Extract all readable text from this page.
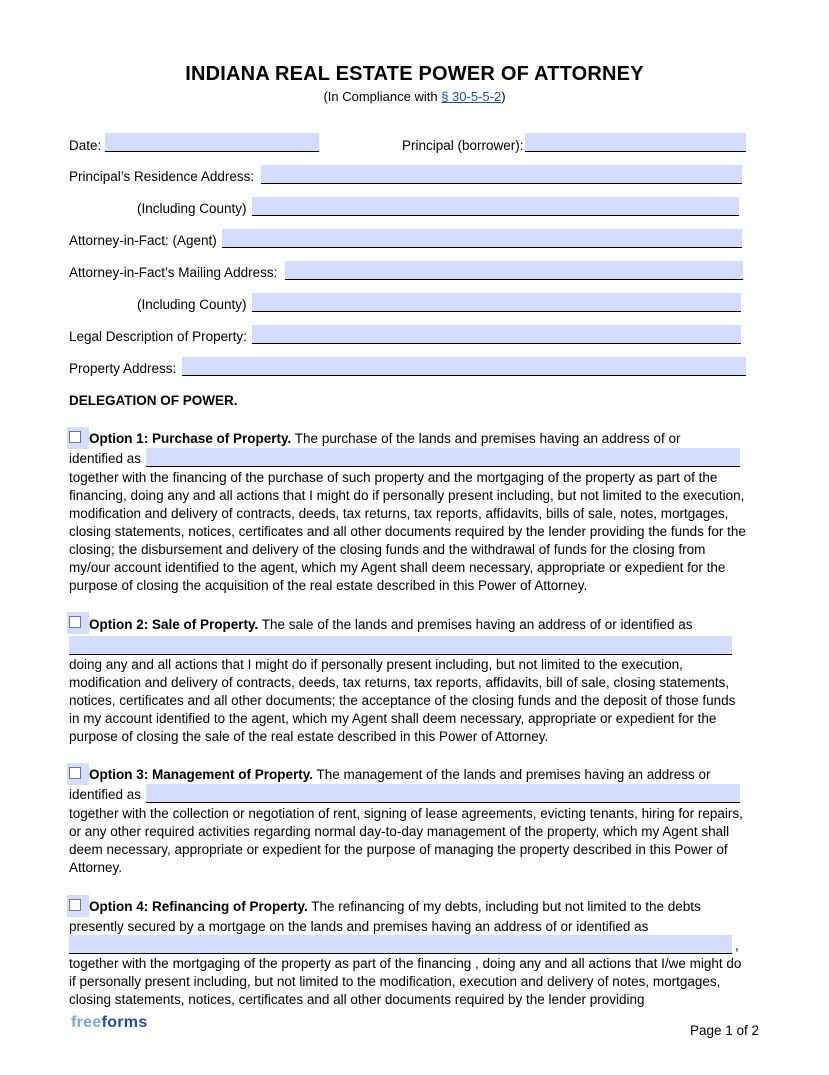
INDIANA REAL ESTATE POWER OF ATTORNEY
(In Compliance with § 30-5-5-2)
Date:	Principal (borrower):
Principal’s Residence Address:
(Including County)
Attorney-in-Fact: (Agent)
Attorney-in-Fact’s Mailing Address:
(Including County)
Legal Description of Property:
Property Address:
DELEGATION OF POWER.
Option 1: Purchase of Property. The purchase of the lands and premises having an address of or
identified as
together with the financing of the purchase of such property and the mortgaging of the property as part of the financing, doing any and all actions that I might do if personally present including, but not limited to the execution, modification and delivery of contracts, deeds, tax returns, tax reports, affidavits, bills of sale, notes, mortgages, closing statements, notices, certificates and all other documents required by the lender providing the funds for the closing; the disbursement and delivery of the closing funds and the withdrawal of funds for the closing from my/our account identified to the agent, which my Agent shall deem necessary, appropriate or expedient for the purpose of closing the acquisition of the real estate described in this Power of Attorney.
Option 2: Sale of Property. The sale of the lands and premises having an address of or identified as
doing any and all actions that I might do if personally present including, but not limited to the execution, modification and delivery of contracts, deeds, tax returns, tax reports, affidavits, bill of sale, closing statements, notices, certificates and all other documents; the acceptance of the closing funds and the deposit of those funds in my account identified to the agent, which my Agent shall deem necessary, appropriate or expedient for the purpose of closing the sale of the real estate described in this Power of Attorney.
Option 3: Management of Property. The management of the lands and premises having an address or
identified as
together with the collection or negotiation of rent, signing of lease agreements, evicting tenants, hiring for repairs, or any other required activities regarding normal day-to-day management of the property, which my Agent shall deem necessary, appropriate or expedient for the purpose of managing the property described in this Power of Attorney.
Option 4: Refinancing of Property. The refinancing of my debts, including but not limited to the debts
presently secured by a mortgage on the lands and premises having an address of or identified as
,
together with the mortgaging of the property as part of the financing , doing any and all actions that I/we might do if personally present including, but not limited to the modification, execution and delivery of notes, mortgages, closing statements, notices, certificates and all other documents required by the lender providing
freeforms	Page 1 of 2
